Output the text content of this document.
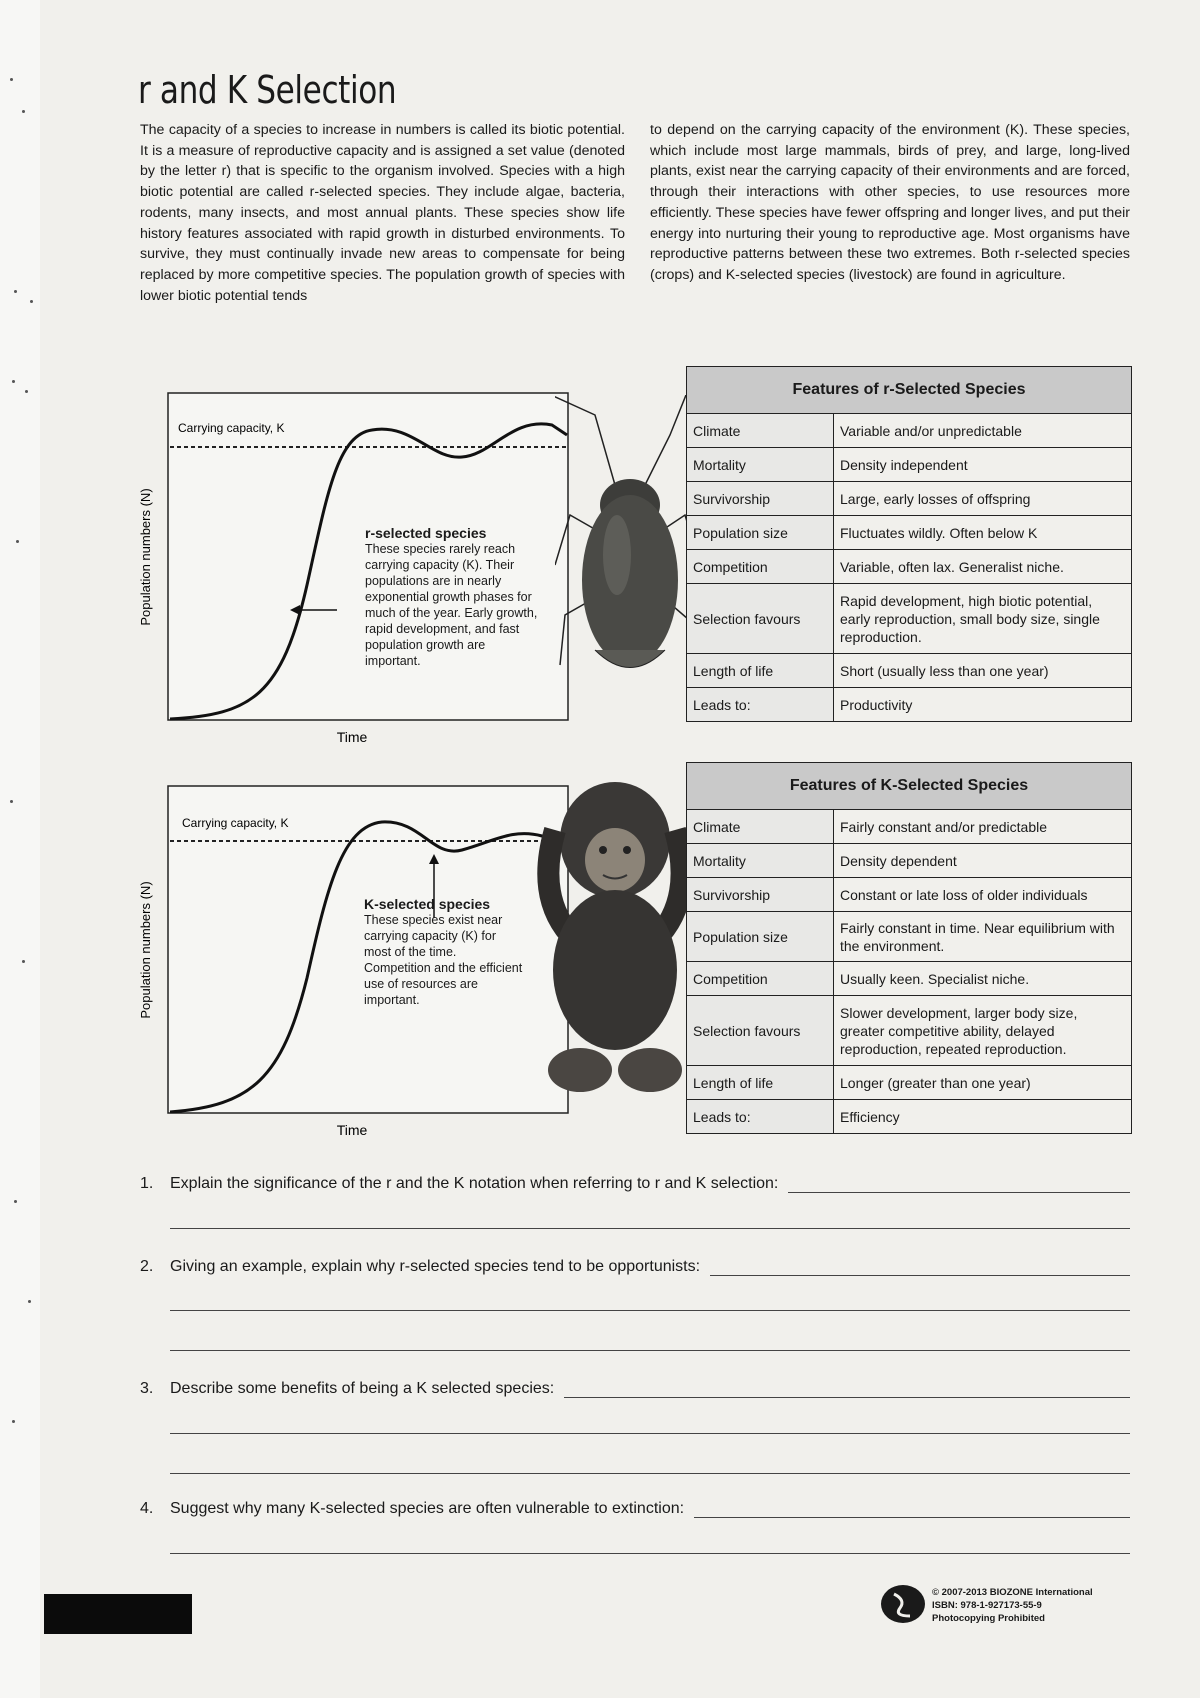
r and K Selection
The capacity of a species to increase in numbers is called its biotic potential. It is a measure of reproductive capacity and is assigned a set value (denoted by the letter r) that is specific to the organism involved. Species with a high biotic potential are called r-selected species. They include algae, bacteria, rodents, many insects, and most annual plants. These species show life history features associated with rapid growth in disturbed environments. To survive, they must continually invade new areas to compensate for being replaced by more competitive species. The population growth of species with lower biotic potential tends
to depend on the carrying capacity of the environment (K). These species, which include most large mammals, birds of prey, and large, long-lived plants, exist near the carrying capacity of their environments and are forced, through their interactions with other species, to use resources more efficiently. These species have fewer offspring and longer lives, and put their energy into nurturing their young to reproductive age. Most organisms have reproductive patterns between these two extremes. Both r-selected species (crops) and K-selected species (livestock) are found in agriculture.
Carrying capacity, K
Time
Population numbers (N)	r-selected species
These species rarely reach carrying capacity (K). Their populations are in nearly exponential growth phases for much of the year. Early growth, rapid development, and fast population growth are important.
Features of r-Selected Species	
Climate	Variable and/or unpredictable
Mortality	Density independent
Survivorship	Large, early losses of offspring
Population size	Fluctuates wildly. Often below K
Competition	Variable, often lax. Generalist niche.
Selection favours	Rapid development, high biotic potential, early reproduction, small body size, single reproduction.
Length of life	Short (usually less than one year)
Leads to:	Productivity
Carrying capacity, K
Time
Population numbers (N)	K-selected species
These species exist near carrying capacity (K) for most of the time. Competition and the efficient use of resources are important.
Features of K-Selected Species	
Climate	Fairly constant and/or predictable
Mortality	Density dependent
Survivorship	Constant or late loss of older individuals
Population size	Fairly constant in time. Near equilibrium with the environment.
Competition	Usually keen. Specialist niche.
Selection favours	Slower development, larger body size, greater competitive ability, delayed reproduction, repeated reproduction.
Length of life	Longer (greater than one year)
Leads to:	Efficiency
1.	Explain the significance of the r and the K notation when referring to r and K selection:
2.	Giving an example, explain why r-selected species tend to be opportunists:
3.	Describe some benefits of being a K selected species:
4.	Suggest why many K-selected species are often vulnerable to extinction:
© 2007-2013 BIOZONE International
ISBN: 978-1-927173-55-9
Photocopying Prohibited
